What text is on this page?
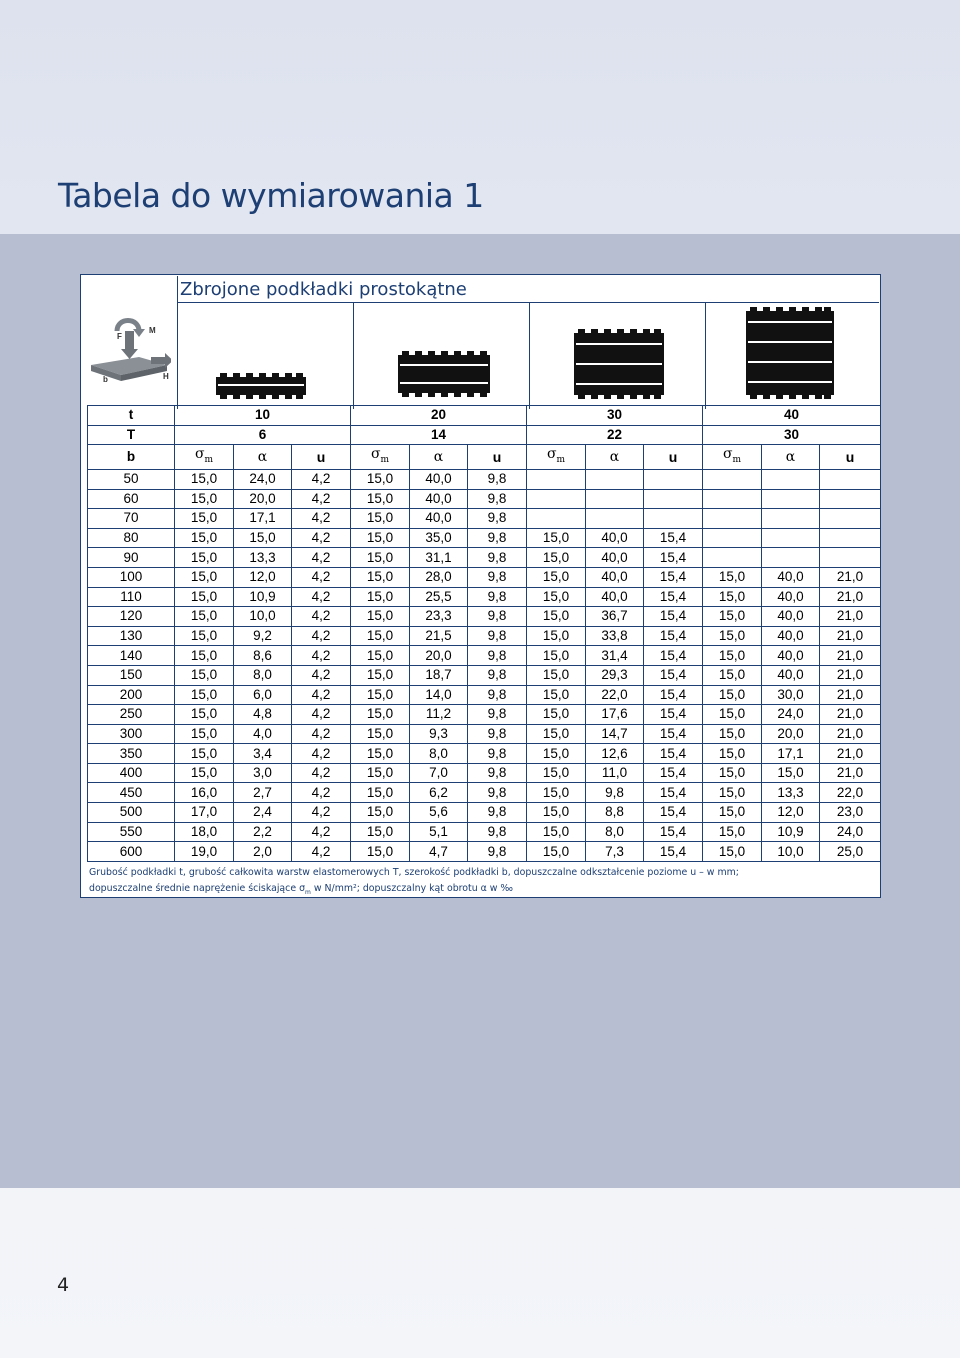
Tabela do wymiarowania 1
Zbrojone podkładki prostokątne
F
M
b	H
t	10			20			30			40		
T	6			14			22			30		
b	$\sigma_m$	α	u	$\sigma_m$	α	u	$\sigma_m$	α	u	$\sigma_m$	α	u
50	15,0	24,0	4,2	15,0	40,0	9,8						
60	15,0	20,0	4,2	15,0	40,0	9,8						
70	15,0	17,1	4,2	15,0	40,0	9,8						
80	15,0	15,0	4,2	15,0	35,0	9,8	15,0	40,0	15,4			
90	15,0	13,3	4,2	15,0	31,1	9,8	15,0	40,0	15,4			
100	15,0	12,0	4,2	15,0	28,0	9,8	15,0	40,0	15,4	15,0	40,0	21,0
110	15,0	10,9	4,2	15,0	25,5	9,8	15,0	40,0	15,4	15,0	40,0	21,0
120	15,0	10,0	4,2	15,0	23,3	9,8	15,0	36,7	15,4	15,0	40,0	21,0
130	15,0	9,2	4,2	15,0	21,5	9,8	15,0	33,8	15,4	15,0	40,0	21,0
140	15,0	8,6	4,2	15,0	20,0	9,8	15,0	31,4	15,4	15,0	40,0	21,0
150	15,0	8,0	4,2	15,0	18,7	9,8	15,0	29,3	15,4	15,0	40,0	21,0
200	15,0	6,0	4,2	15,0	14,0	9,8	15,0	22,0	15,4	15,0	30,0	21,0
250	15,0	4,8	4,2	15,0	11,2	9,8	15,0	17,6	15,4	15,0	24,0	21,0
300	15,0	4,0	4,2	15,0	9,3	9,8	15,0	14,7	15,4	15,0	20,0	21,0
350	15,0	3,4	4,2	15,0	8,0	9,8	15,0	12,6	15,4	15,0	17,1	21,0
400	15,0	3,0	4,2	15,0	7,0	9,8	15,0	11,0	15,4	15,0	15,0	21,0
450	16,0	2,7	4,2	15,0	6,2	9,8	15,0	9,8	15,4	15,0	13,3	22,0
500	17,0	2,4	4,2	15,0	5,6	9,8	15,0	8,8	15,4	15,0	12,0	23,0
550	18,0	2,2	4,2	15,0	5,1	9,8	15,0	8,0	15,4	15,0	10,9	24,0
600	19,0	2,0	4,2	15,0	4,7	9,8	15,0	7,3	15,4	15,0	10,0	25,0
Grubość podkładki t, grubość całkowita warstw elastomerowych T, szerokość podkładki b, dopuszczalne odkształcenie poziome u – w mm;
dopuszczalne średnie naprężenie ściskające $\sigma_m$ w N/mm²; dopuszczalny kąt obrotu α w ‰
4
